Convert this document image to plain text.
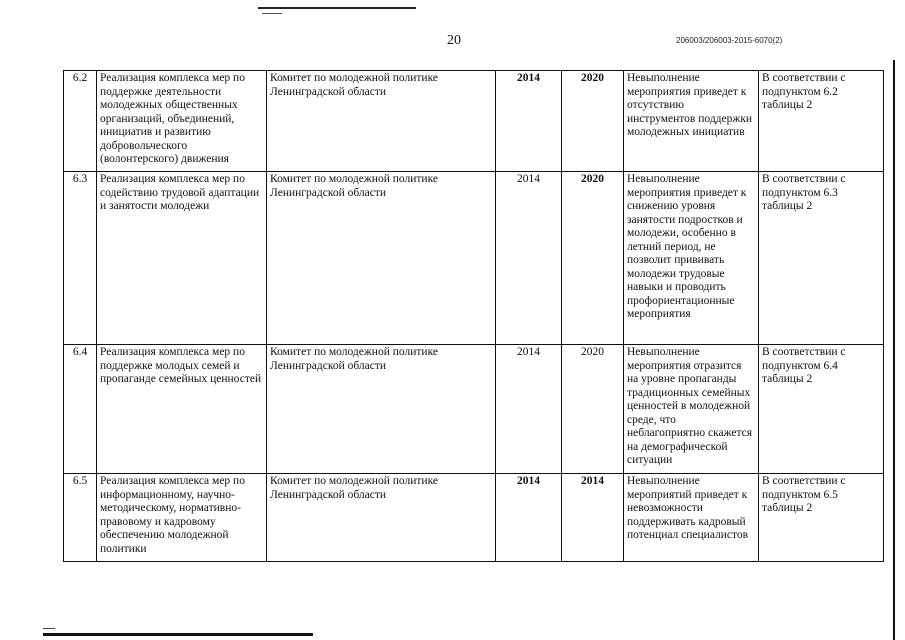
20	206003/206003-2015-6070(2)
6.2	Реализация комплекса мер по поддержке деятельности молодежных общественных организаций, объединений, инициатив и развитию добровольческого (волонтерского) движения	Комитет по молодежной политике Ленинградской области	2014	2020	Невыполнение мероприятия приведет к отсутствию инструментов поддержки молодежных инициатив	В соответствии с подпунктом 6.2 таблицы 2
6.3	Реализация комплекса мер по содействию трудовой адаптации и занятости молодежи	Комитет по молодежной политике Ленинградской области	2014	2020	Невыполнение мероприятия приведет к снижению уровня занятости подростков и молодежи, особенно в летний период, не позволит прививать молодежи трудовые навыки и проводить профориентационные мероприятия	В соответствии с подпунктом 6.3 таблицы 2
6.4	Реализация комплекса мер по поддержке молодых семей и пропаганде семейных ценностей	Комитет по молодежной политике Ленинградской области	2014	2020	Невыполнение мероприятия отразится на уровне пропаганды традиционных семейных ценностей в молодежной среде, что неблагоприятно скажется на демографической ситуации	В соответствии с подпунктом 6.4 таблицы 2
6.5	Реализация комплекса мер по информационному, научно-методическому, нормативно-правовому и кадровому обеспечению молодежной политики	Комитет по молодежной политике Ленинградской области	2014	2014	Невыполнение мероприятий приведет к невозможности поддерживать кадровый потенциал специалистов	В соответствии с подпунктом 6.5 таблицы 2
